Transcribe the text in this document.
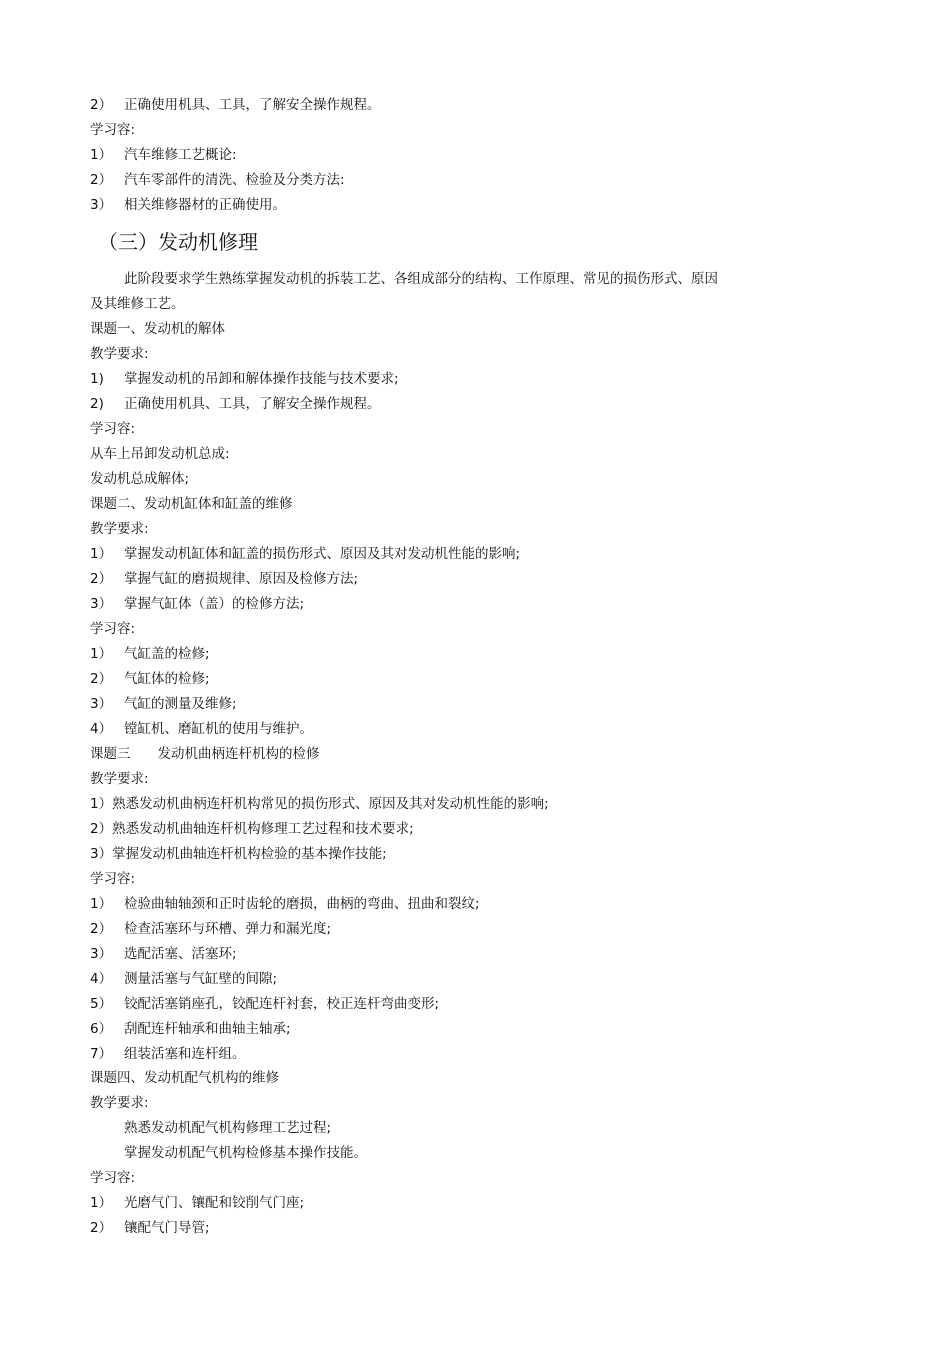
2） 正确使用机具、工具，了解安全操作规程。
学习容:
1） 汽车维修工艺概论:
2） 汽车零部件的清洗、检验及分类方法:
3） 相关维修器材的正确使用。
（三）发动机修理
此阶段要求学生熟练掌握发动机的拆装工艺、各组成部分的结构、工作原理、常见的损伤形式、原因
及其维修工艺。
课题一、发动机的解体
教学要求:
1) 掌握发动机的吊卸和解体操作技能与技术要求;
2) 正确使用机具、工具，了解安全操作规程。
学习容:
从车上吊卸发动机总成:
发动机总成解体;
课题二、发动机缸体和缸盖的维修
教学要求:
1） 掌握发动机缸体和缸盖的损伤形式、原因及其对发动机性能的影响;
2） 掌握气缸的磨损规律、原因及检修方法;
3） 掌握气缸体（盖）的检修方法;
学习容:
1） 气缸盖的检修;
2） 气缸体的检修;
3） 气缸的测量及维修;
4） 镗缸机、磨缸机的使用与维护。
课题三　　发动机曲柄连杆机构的检修
教学要求:
1）熟悉发动机曲柄连杆机构常见的损伤形式、原因及其对发动机性能的影响;
2）熟悉发动机曲轴连杆机构修理工艺过程和技术要求;
3）掌握发动机曲轴连杆机构检验的基本操作技能;
学习容:
1） 检验曲轴轴颈和正时齿轮的磨损，曲柄的弯曲、扭曲和裂纹;
2） 检查活塞环与环槽、弹力和漏光度;
3） 选配活塞、活塞环;
4） 测量活塞与气缸壁的间隙;
5） 铰配活塞销座孔，铰配连杆衬套，校正连杆弯曲变形;
6） 刮配连杆轴承和曲轴主轴承;
7） 组装活塞和连杆组。
课题四、发动机配气机构的维修
教学要求:
熟悉发动机配气机构修理工艺过程;
掌握发动机配气机构检修基本操作技能。
学习容:
1） 光磨气门、镶配和铰削气门座;
2） 镶配气门导管;
